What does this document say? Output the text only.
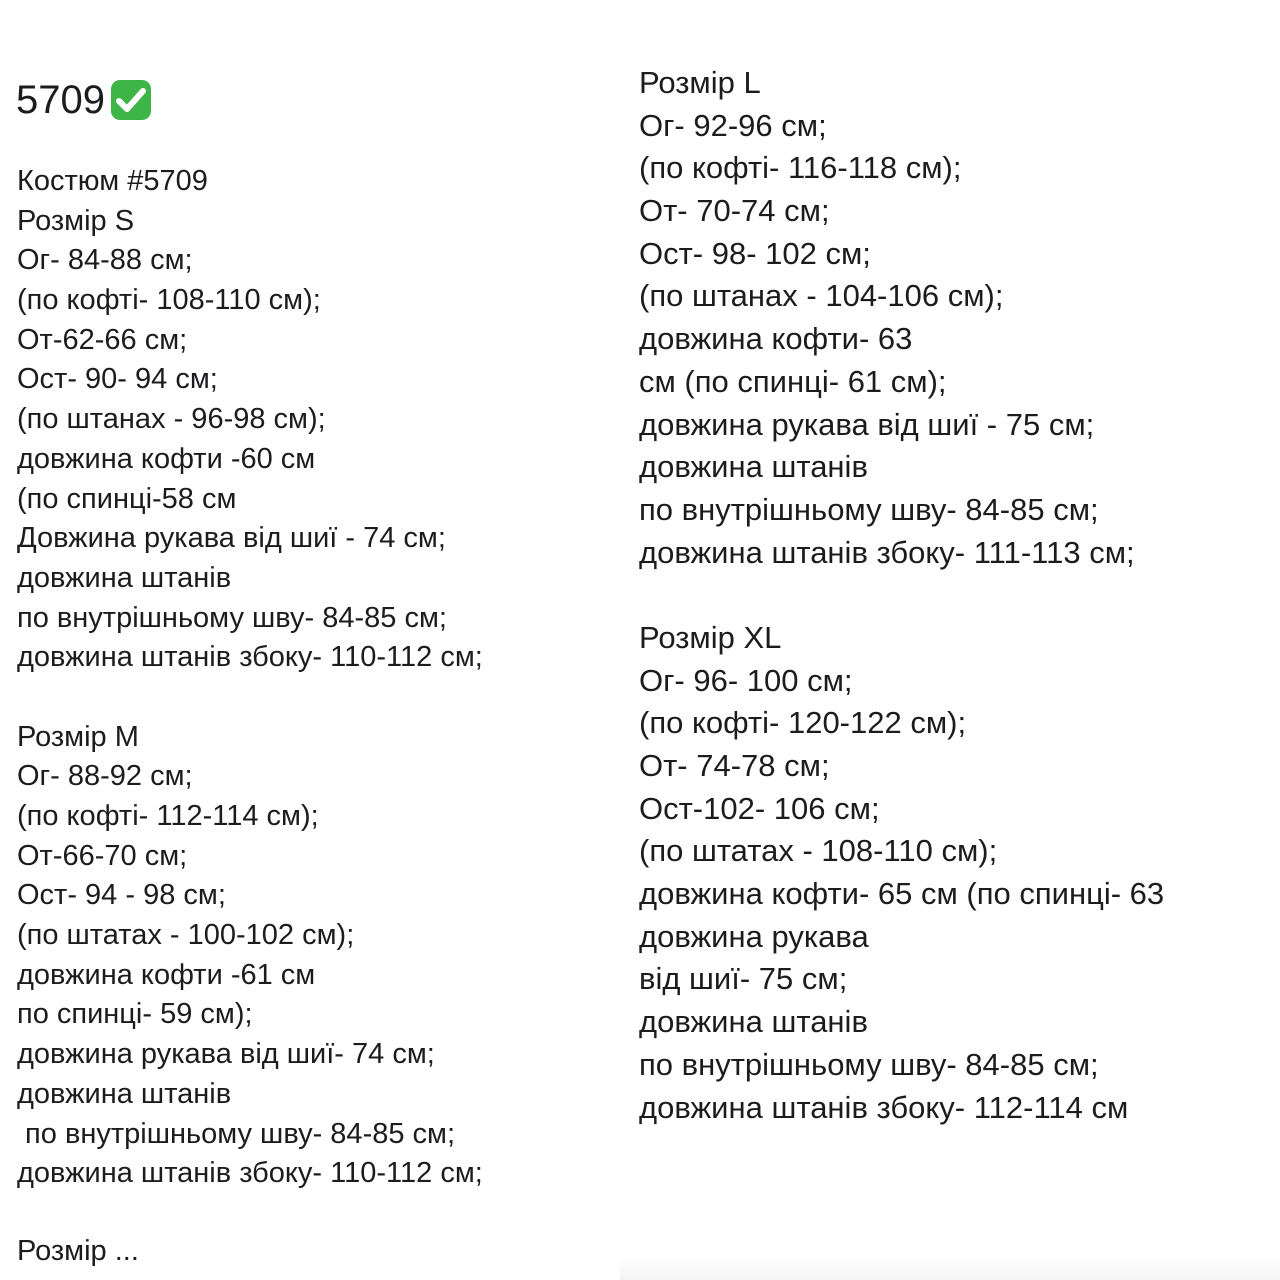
5709
Костюм #5709
Розмір S
Ог- 84-88 см;
(по кофті- 108-110 см);
От-62-66 см;
Ост- 90- 94 см;
(по штанах - 96-98 см);
довжина кофти -60 см
(по спинці-58 см
Довжина рукава від шиї - 74 см;
довжина штанів
по внутрішньому шву- 84-85 см;
довжина штанів збоку- 110-112 см;
Розмір M
Ог- 88-92 см;
(по кофті- 112-114 см);
От-66-70 см;
Ост- 94 - 98 см;
(по штатах - 100-102 см);
довжина кофти -61 см
по спинці- 59 см);
довжина рукава від шиї- 74 см;
довжина штанів
по внутрішньому шву- 84-85 см;
довжина штанів збоку- 110-112 см;
Розмір ...
Розмір L
Ог- 92-96 см;
(по кофті- 116-118 см);
От- 70-74 см;
Ост- 98- 102 см;
(по штанах - 104-106 см);
довжина кофти- 63
см (по спинці- 61 см);
довжина рукава від шиї - 75 см;
довжина штанів
по внутрішньому шву- 84-85 см;
довжина штанів збоку- 111-113 см;
Розмір XL
Ог- 96- 100 см;
(по кофті- 120-122 см);
От- 74-78 см;
Ост-102- 106 см;
(по штатах - 108-110 см);
довжина кофти- 65 см (по спинці- 63
довжина рукава
від шиї- 75 см;
довжина штанів
по внутрішньому шву- 84-85 см;
довжина штанів збоку- 112-114 см
